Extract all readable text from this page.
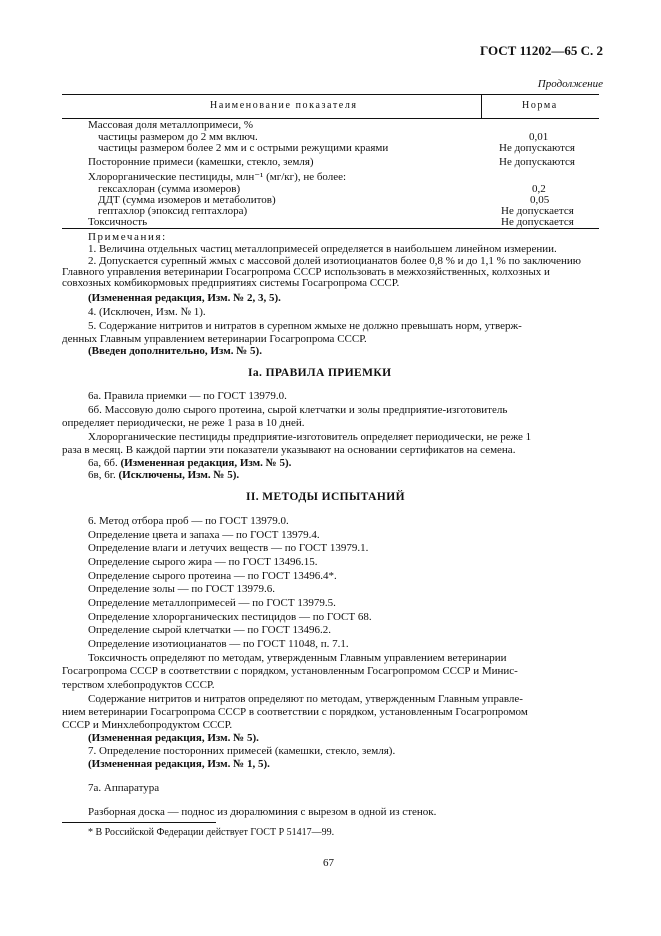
ГОСТ 11202—65 С. 2
Продолжение
Наименование показателя	Норма
Массовая доля металлопримеси, %
частицы размером до 2 мм включ.	0,01
частицы размером более 2 мм и с острыми режущими краями	Не допускаются
Посторонние примеси (камешки, стекло, земля)	Не допускаются
Хлорорганические пестициды, млн⁻¹ (мг/кг), не более:
гексахлоран (сумма изомеров)	0,2
ДДТ (сумма изомеров и метаболитов)	0,05
гептахлор (эпоксид гептахлора)	Не допускается
Токсичность	Не допускается
Примечания:
1. Величина отдельных частиц металлопримесей определяется в наибольшем линейном измерении.
2. Допускается сурепный жмых с массовой долей изотиоцианатов более 0,8 % и до 1,1 % по заключению
Главного управления ветеринарии Госагропрома СССР использовать в межхозяйственных, колхозных и
совхозных комбикормовых предприятиях системы Госагропрома СССР.
(Измененная редакция, Изм. № 2, 3, 5).
4. (Исключен, Изм. № 1).
5. Содержание нитритов и нитратов в сурепном жмыхе не должно превышать норм, утверж-
денных Главным управлением ветеринарии Госагропрома СССР.
(Введен дополнительно, Изм. № 5).
Iа. ПРАВИЛА ПРИЕМКИ
6а. Правила приемки — по ГОСТ 13979.0.
6б. Массовую долю сырого протеина, сырой клетчатки и золы предприятие-изготовитель
определяет периодически, не реже 1 раза в 10 дней.
Хлорорганические пестициды предприятие-изготовитель определяет периодически, не реже 1
раза в месяц. В каждой партии эти показатели указывают на основании сертификатов на семена.
6а, 6б. (Измененная редакция, Изм. № 5).
6в, 6г. (Исключены, Изм. № 5).
II. МЕТОДЫ ИСПЫТАНИЙ
6. Метод отбора проб — по ГОСТ 13979.0.
Определение цвета и запаха — по ГОСТ 13979.4.
Определение влаги и летучих веществ — по ГОСТ 13979.1.
Определение сырого жира — по ГОСТ 13496.15.
Определение сырого протеина — по ГОСТ 13496.4*.
Определение золы — по ГОСТ 13979.6.
Определение металлопримесей — по ГОСТ 13979.5.
Определение хлорорганических пестицидов — по ГОСТ 68.
Определение сырой клетчатки — по ГОСТ 13496.2.
Определение изотиоцианатов — по ГОСТ 11048, п. 7.1.
Токсичность определяют по методам, утвержденным Главным управлением ветеринарии
Госагропрома СССР в соответствии с порядком, установленным Госагропромом СССР и Минис-
терством хлебопродуктов СССР.
Содержание нитритов и нитратов определяют по методам, утвержденным Главным управле-
нием ветеринарии Госагропрома СССР в соответствии с порядком, установленным Госагропромом
СССР и Минхлебопродуктом СССР.
(Измененная редакция, Изм. № 5).
7. Определение посторонних примесей (камешки, стекло, земля).
(Измененная редакция, Изм. № 1, 5).
7а. Аппаратура
Разборная доска — поднос из дюралюминия с вырезом в одной из стенок.
* В Российской Федерации действует ГОСТ Р 51417—99.
67
